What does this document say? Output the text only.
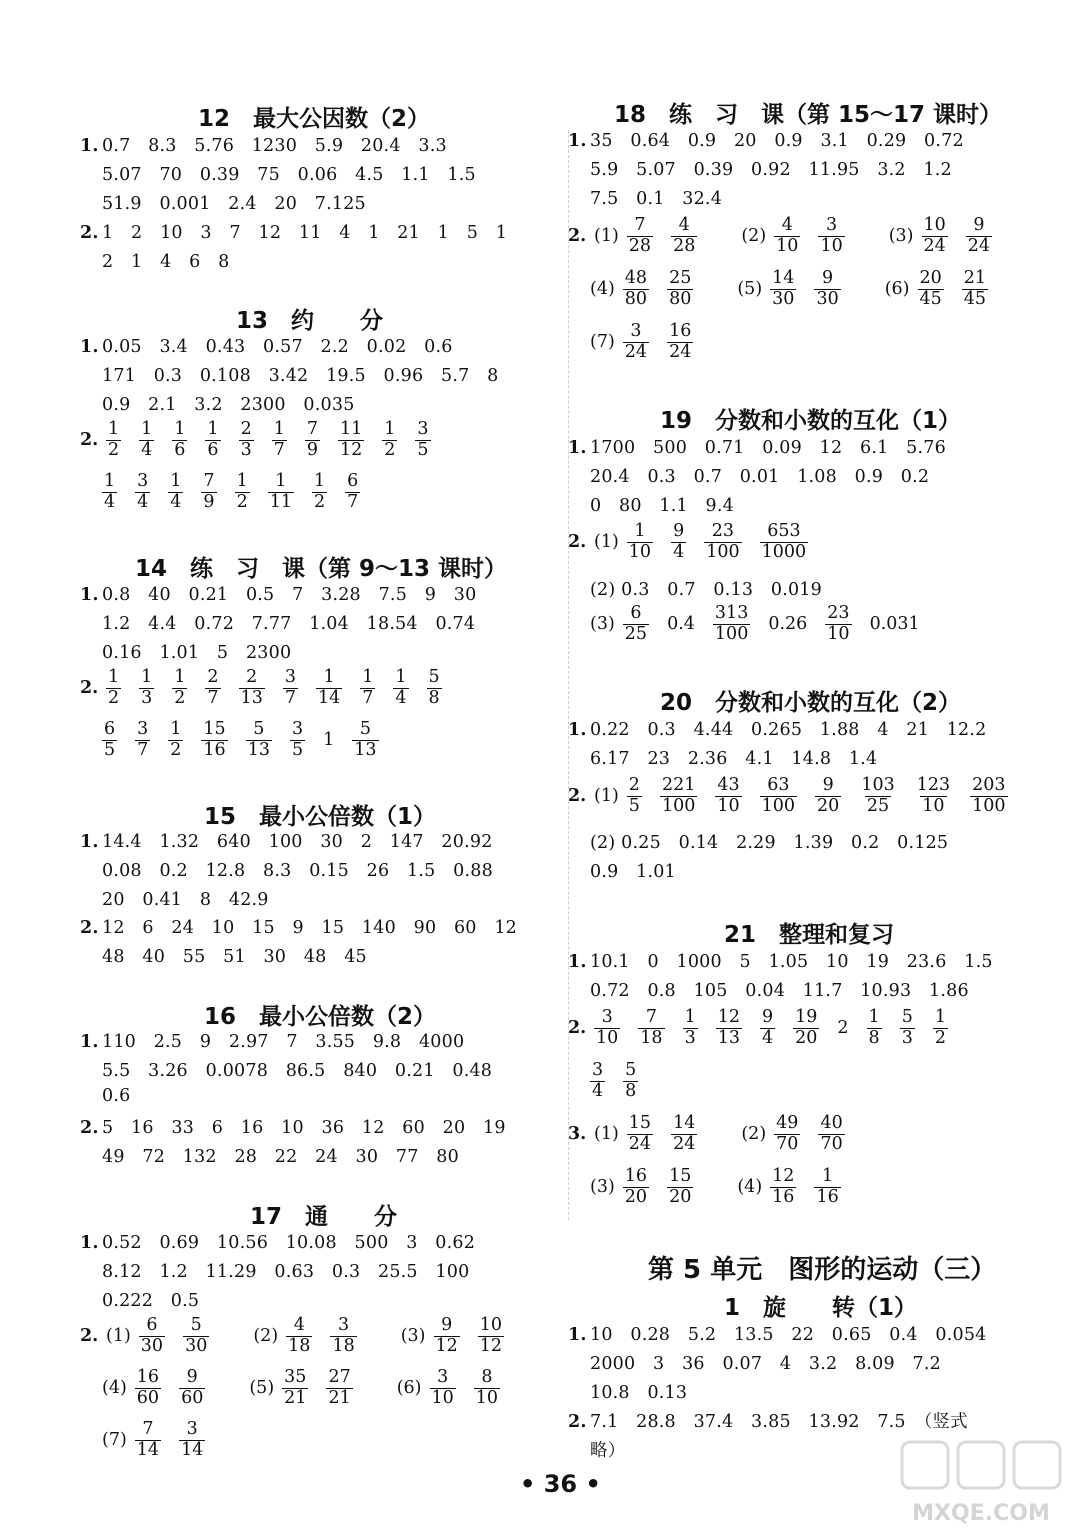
12　最大公因数（2）
1. 0.7　8.3　5.76　1230　5.9　20.4　3.3
5.07　70　0.39　75　0.06　4.5　1.1　1.5
51.9　0.001　2.4　20　7.125
2. 1　2　10　3　7　12　11　4　1　21　1　5　1
2　1　4　6　8
13　约　　分
1. 0.05　3.4　0.43　0.57　2.2　0.02　0.6
171　0.3　0.108　3.42　19.5　0.96　5.7　8
0.9　2.1　3.2　2300　0.035
2. $\frac{1}{2} \frac{1}{4} \frac{1}{6} \frac{1}{6} \frac{2}{3} \frac{1}{7} \frac{7}{9} \frac{11}{12} \frac{1}{2} \frac{3}{5}$
$\frac{1}{4} \frac{3}{4} \frac{1}{4} \frac{7}{9} \frac{1}{2} \frac{1}{11} \frac{1}{2} \frac{6}{7}$
14　练　习　课（第 9～13 课时）
1. 0.8　40　0.21　0.5　7　3.28　7.5　9　30
1.2　4.4　0.72　7.77　1.04　18.54　0.74
0.16　1.01　5　2300
2. $\frac{1}{2} \frac{1}{3} \frac{1}{2} \frac{2}{7} \frac{2}{13} \frac{3}{7} \frac{1}{14} \frac{1}{7} \frac{1}{4} \frac{5}{8}$
$\frac{6}{5} \frac{3}{7} \frac{1}{2} \frac{15}{16} \frac{5}{13} \frac{3}{5} 1 \frac{5}{13}$
15　最小公倍数（1）
1. 14.4　1.32　640　100　30　2　147　20.92
0.08　0.2　12.8　8.3　0.15　26　1.5　0.88
20　0.41　8　42.9
2. 12　6　24　10　15　9　15　140　90　60　12
48　40　55　51　30　48　45
16　最小公倍数（2）
1. 110　2.5　9　2.97　7　3.55　9.8　4000
5.5　3.26　0.0078　86.5　840　0.21　0.48
0.6
2. 5　16　33　6　16　10　36　12　60　20　19
49　72　132　28　22　24　30　77　80
17　通　　分
1. 0.52　0.69　10.56　10.08　500　3　0.62
8.12　1.2　11.29　0.63　0.3　25.5　100
0.222　0.5
2. $(1) \frac{6}{30} \frac{5}{30}$	$(2) \frac{4}{18} \frac{3}{18}$	$(3) \frac{9}{12} \frac{10}{12}$
$(4) \frac{16}{60} \frac{9}{60}$	$(5) \frac{35}{21} \frac{27}{21}$	$(6) \frac{3}{10} \frac{8}{10}$
$(7) \frac{7}{14} \frac{3}{14}$
18　练　习　课（第 15～17 课时）
1. 35　0.64　0.9　20　0.9　3.1　0.29　0.72
5.9　5.07　0.39　0.92　11.95　3.2　1.2
7.5　0.1　32.4
2. $(1) \frac{7}{28} \frac{4}{28}$	$(2) \frac{4}{10} \frac{3}{10}$	$(3) \frac{10}{24} \frac{9}{24}$
$(4) \frac{48}{80} \frac{25}{80}$	$(5) \frac{14}{30} \frac{9}{30}$	$(6) \frac{20}{45} \frac{21}{45}$
$(7) \frac{3}{24} \frac{16}{24}$
19　分数和小数的互化（1）
1. 1700　500　0.71　0.09　12　6.1　5.76
20.4　0.3　0.7　0.01　1.08　0.9　0.2
0　80　1.1　9.4
2. $(1) \frac{1}{10} \frac{9}{4} \frac{23}{100} \frac{653}{1000}$
(2) 0.3　0.7　0.13　0.019
$(3) \frac{6}{25} 0.4 \frac{313}{100} 0.26 \frac{23}{10} 0.031$
20　分数和小数的互化（2）
1. 0.22　0.3　4.44　0.265　1.88　4　21　12.2
6.17　23　2.36　4.1　14.8　1.4
2. $(1) \frac{2}{5} \frac{221}{100} \frac{43}{10} \frac{63}{100} \frac{9}{20} \frac{103}{25} \frac{123}{10} \frac{203}{100}$
(2) 0.25　0.14　2.29　1.39　0.2　0.125
0.9　1.01
21　整理和复习
1. 10.1　0　1000　5　1.05　10　19　23.6　1.5
0.72　0.8　105　0.04　11.7　10.93　1.86
2. $\frac{3}{10} \frac{7}{18} \frac{1}{3} \frac{12}{13} \frac{9}{4} \frac{19}{20} 2 \frac{1}{8} \frac{5}{3} \frac{1}{2}$
$\frac{3}{4} \frac{5}{8}$
3. $(1) \frac{15}{24} \frac{14}{24}$	$(2) \frac{49}{70} \frac{40}{70}$
$(3) \frac{16}{20} \frac{15}{20}$	$(4) \frac{12}{16} \frac{1}{16}$
第 5 单元　图形的运动（三）
1　旋　　转（1）
1. 10　0.28　5.2　13.5　22　0.65　0.4　0.054
2000　3　36　0.07　4　3.2　8.09　7.2
10.8　0.13
2. 7.1　28.8　37.4　3.85　13.92　7.5　（竖式
略）
• 36 •
MXQE.COM
